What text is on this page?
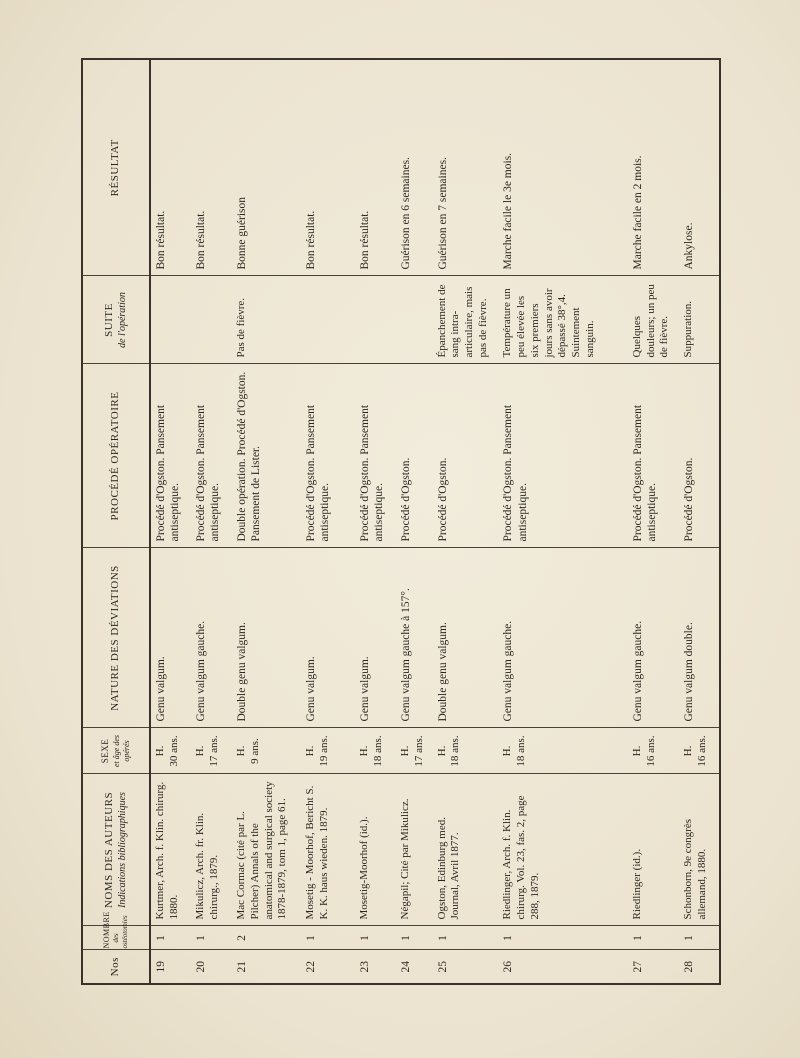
Nos	NOMBRE des ostéotomies	NOMS DES AUTEURS Indications bibliographiques	SEXE et âge des opérés	NATURE DES DÉVIATIONS	PROCÉDÉ OPÉRATOIRE	SUITE de l'opération	RÉSULTAT
19	1	Kurtmer, Arch. f. Klin. chirurg. 1880.	H. 30 ans.	Genu valgum.	Procédé d'Ogston. Pansement antiseptique.		Bon résultat.
20	1	Mikulicz, Arch. fr. Klin. chirurg., 1879.	H. 17 ans.	Genu valgum gauche.	Procédé d'Ogston. Pansement antiseptique.		Bon résultat.
21	2	Mac Cormac (cité par L. Pilcher) Annals of the anatomical and surgical society 1878-1879, tom 1, page 61.	H. 9 ans.	Double genu valgum.	Double opération. Procédé d'Ogston. Pansement de Lister.	Pas de fièvre.	Bonne guérison
22	1	Mosetig - Moorhof, Bericht S. K. K. haus wieden. 1879.	H. 19 ans.	Genu valgum.	Procédé d'Ogston. Pansement antiseptique.		Bon résultat.
23	1	Mosetig-Moorhof (id.).	H. 18 ans.	Genu valgum.	Procédé d'Ogston. Pansement antiseptique.		Bon résultat.
24	1	Négapil; Cité par Mikulicz.	H. 17 ans.	Genu valgum gauche à 157°.	Procédé d'Ogston.		Guérison en 6 semaines.
25	1	Ogston, Edinburg med. Journal, Avril 1877.	H. 18 ans.	Double genu valgum.	Procédé d'Ogston.	Épanchement de sang intra-articulaire, mais pas de fièvre.	Guérison en 7 semaines.
26	1	Riedlinger, Arch. f. Klin. chirurg. Vol. 23, fas. 2, page 288, 1879.	H. 18 ans.	Genu valgum gauche.	Procédé d'Ogston. Pansement antiseptique.	Température un peu élevée les six premiers jours sans avoir dépassé 38°,4. Suintement sanguin.	Marche facile le 3e mois.
27	1	Riedlinger (id.).	H. 16 ans.	Genu valgum gauche.	Procédé d'Ogston. Pansement antiseptique.	Quelques douleurs; un peu de fièvre.	Marche facile en 2 mois.
28	1	Schonborn, 9e congrès allemand, 1880.	H. 16 ans.	Genu valgum double.	Procédé d'Ogston.	Suppuration.	Ankylose.
